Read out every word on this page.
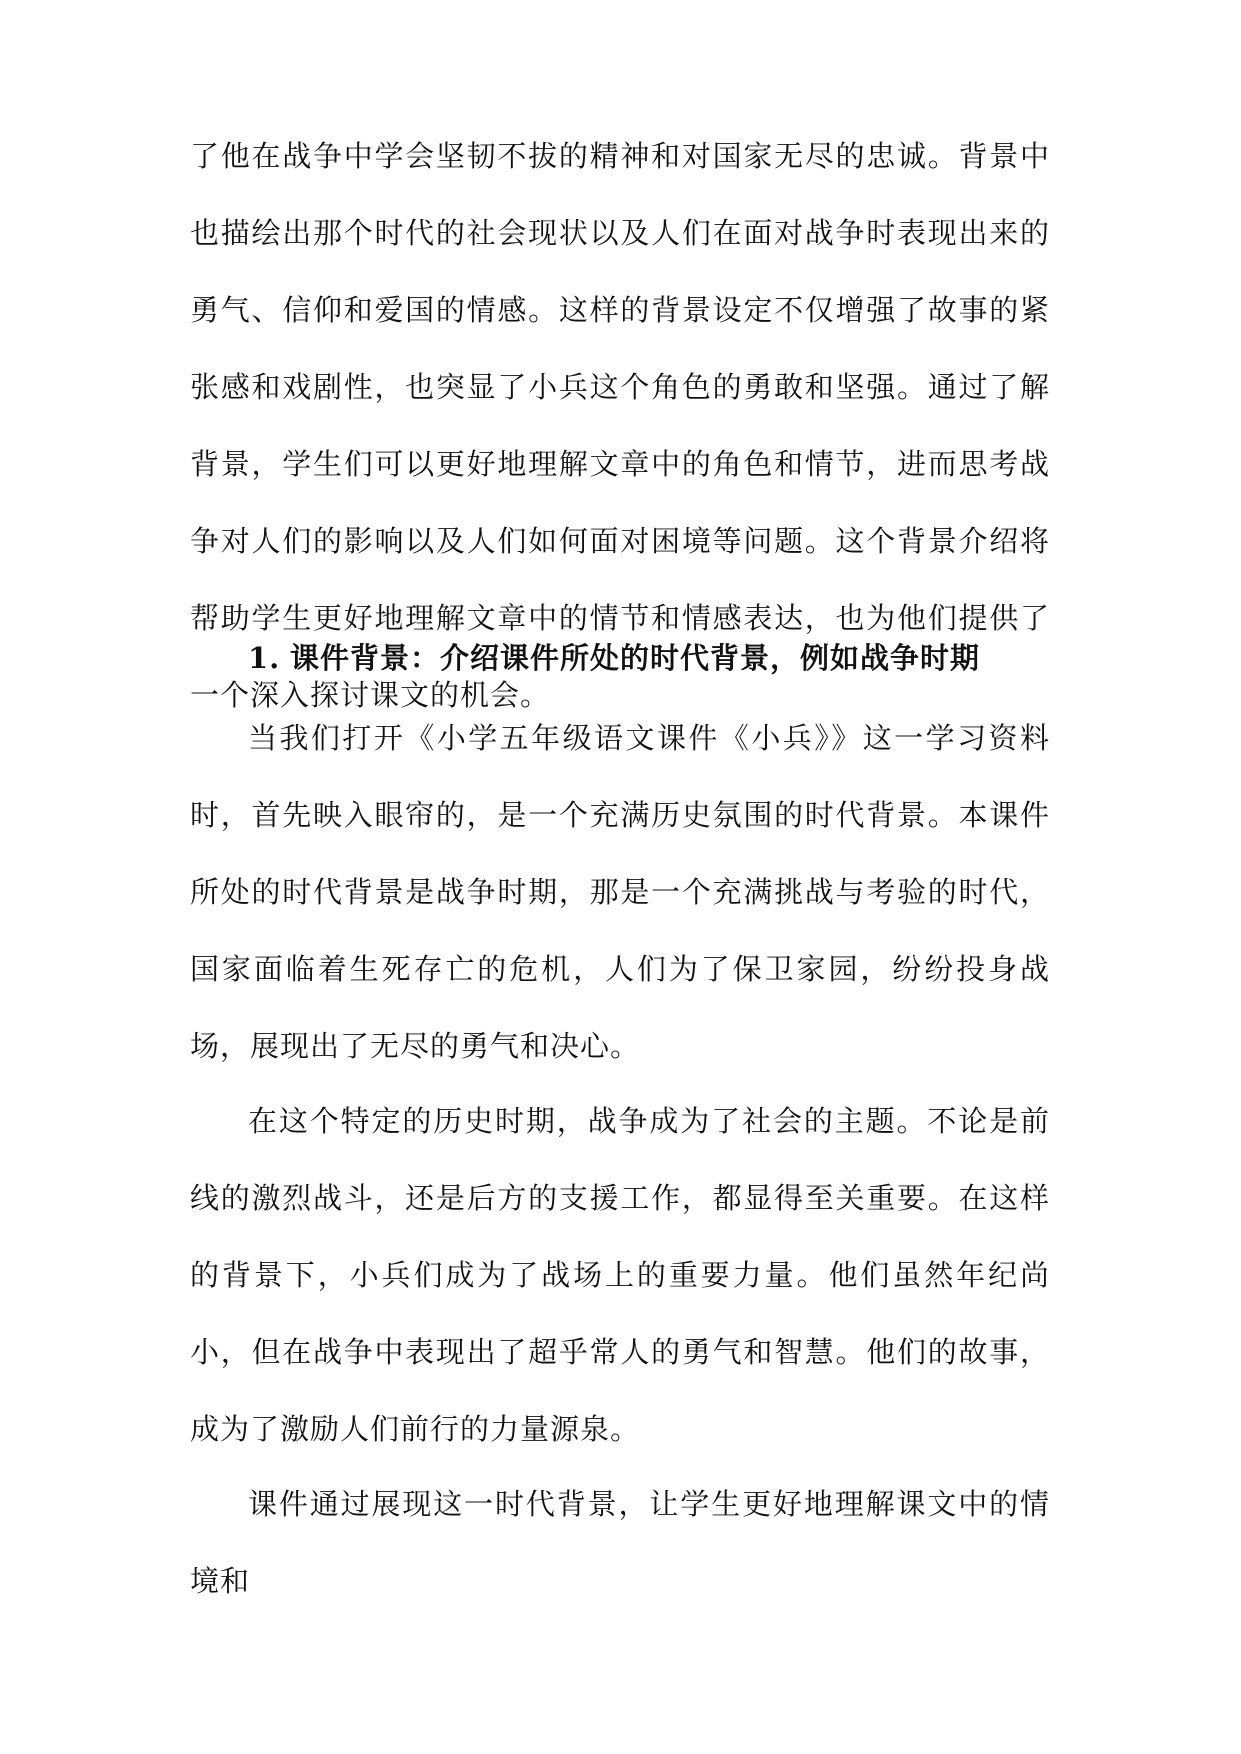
了他在战争中学会坚韧不拔的精神和对国家无尽的忠诚。背景中也描绘出那个时代的社会现状以及人们在面对战争时表现出来的勇气、信仰和爱国的情感。这样的背景设定不仅增强了故事的紧张感和戏剧性，也突显了小兵这个角色的勇敢和坚强。通过了解背景，学生们可以更好地理解文章中的角色和情节，进而思考战争对人们的影响以及人们如何面对困境等问题。这个背景介绍将帮助学生更好地理解文章中的情节和情感表达，也为他们提供了一个深入探讨课文的机会。

1. 课件背景：介绍课件所处的时代背景，例如战争时期

当我们打开《小学五年级语文课件《小兵》》这一学习资料时，首先映入眼帘的，是一个充满历史氛围的时代背景。本课件所处的时代背景是战争时期，那是一个充满挑战与考验的时代，国家面临着生死存亡的危机，人们为了保卫家园，纷纷投身战场，展现出了无尽的勇气和决心。

在这个特定的历史时期，战争成为了社会的主题。不论是前线的激烈战斗，还是后方的支援工作，都显得至关重要。在这样的背景下，小兵们成为了战场上的重要力量。他们虽然年纪尚小，但在战争中表现出了超乎常人的勇气和智慧。他们的故事，成为了激励人们前行的力量源泉。

课件通过展现这一时代背景，让学生更好地理解课文中的情境和
